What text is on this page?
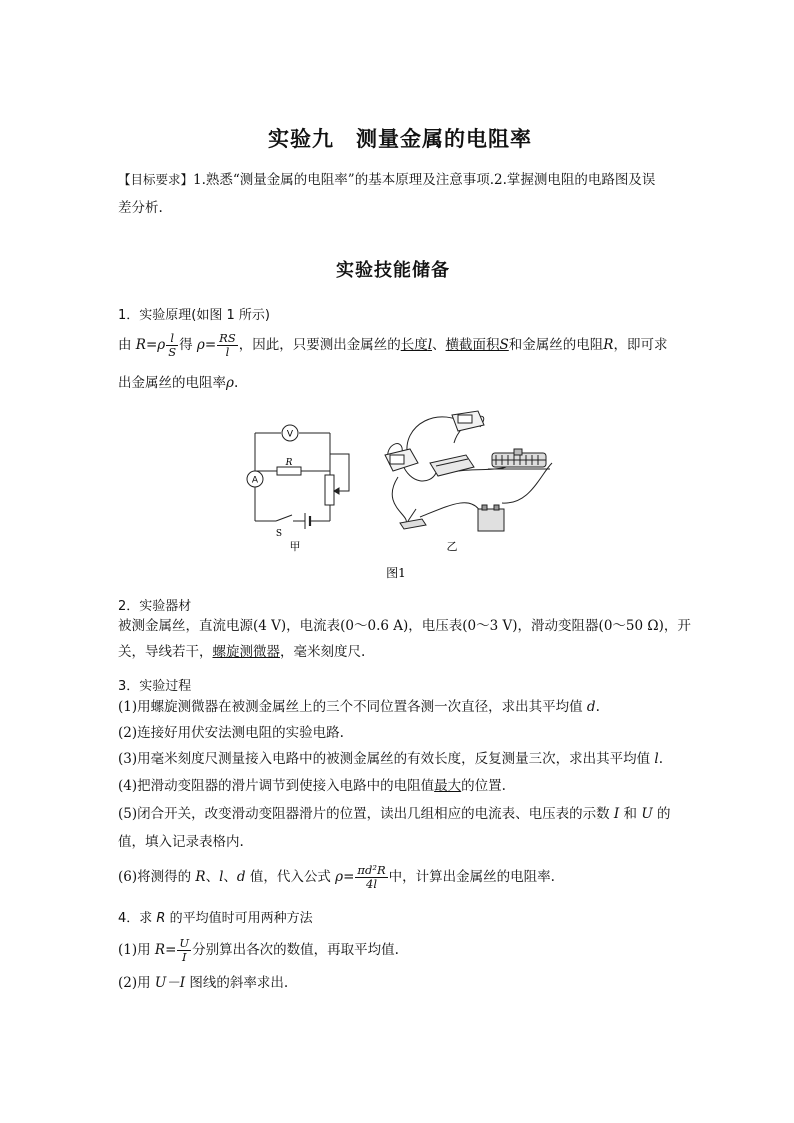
实验九　测量金属的电阻率
【目标要求】1.熟悉“测量金属的电阻率”的基本原理及注意事项.2.掌握测电阻的电路图及误
差分析.
实验技能储备
1．实验原理(如图 1 所示)
由 $R=\rho \frac{l}{S}$ 得 $\rho= \frac{RS}{l}$ ，因此，只要测出金属丝的长度l、横截面积S和金属丝的电阻R，即可求
出金属丝的电阻率ρ.
V
A
R
S
甲	乙
图1
2．实验器材
被测金属丝，直流电源(4 V)，电流表(0～0.6 A)，电压表(0～3 V)，滑动变阻器(0～50 Ω)，开
关，导线若干，螺旋测微器，毫米刻度尺.
3．实验过程
(1)用螺旋测微器在被测金属丝上的三个不同位置各测一次直径，求出其平均值 d.
(2)连接好用伏安法测电阻的实验电路.
(3)用毫米刻度尺测量接入电路中的被测金属丝的有效长度，反复测量三次，求出其平均值 l.
(4)把滑动变阻器的滑片调节到使接入电路中的电阻值最大的位置.
(5)闭合开关，改变滑动变阻器滑片的位置，读出几组相应的电流表、电压表的示数 I 和 U 的
值，填入记录表格内.
(6)将测得的 R、l、d 值，代入公式 $\rho= \frac{\text{πd²R}}{4l}$ 中，计算出金属丝的电阻率.
4．求 R 的平均值时可用两种方法
(1)用 $R= \frac{U}{I}$ 分别算出各次的数值，再取平均值.
(2)用 U－I 图线的斜率求出.
